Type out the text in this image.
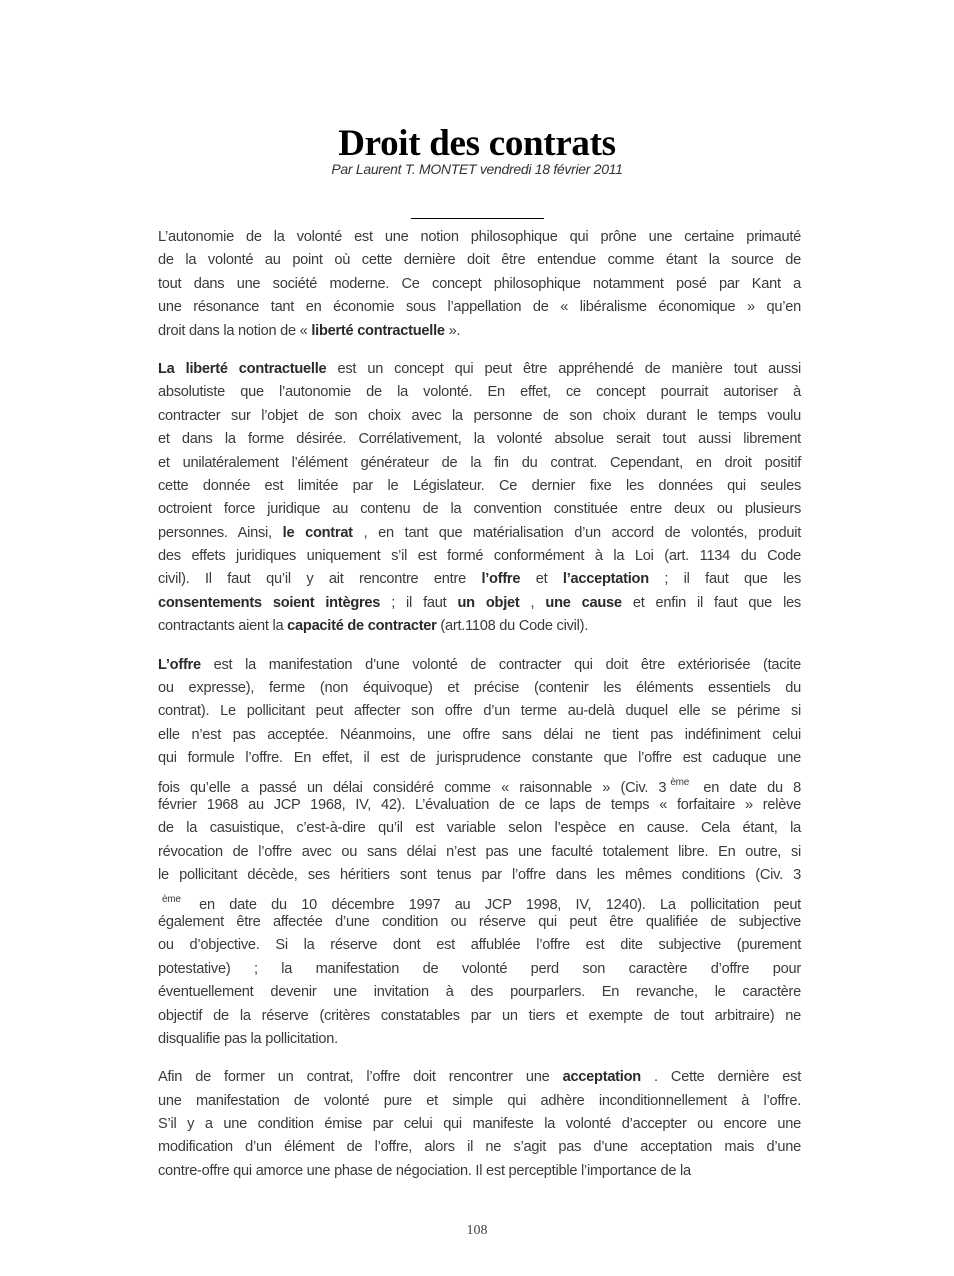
Droit des contrats
Par Laurent T. MONTET vendredi 18 février 2011
L’autonomie de la volonté est une notion philosophique qui prône une certaine primauté
de la volonté au point où cette dernière doit être entendue comme étant la source de
tout dans une société moderne. Ce concept philosophique notamment posé par Kant a
une résonance tant en économie sous l’appellation de « libéralisme économique » qu’en
droit dans la notion de « liberté contractuelle ».
La liberté contractuelle est un concept qui peut être appréhendé de manière tout aussi
absolutiste que l’autonomie de la volonté. En effet, ce concept pourrait autoriser à
contracter sur l’objet de son choix avec la personne de son choix durant le temps voulu
et dans la forme désirée. Corrélativement, la volonté absolue serait tout aussi librement
et unilatéralement l’élément générateur de la fin du contrat. Cependant, en droit positif
cette donnée est limitée par le Législateur. Ce dernier fixe les données qui seules
octroient force juridique au contenu de la convention constituée entre deux ou plusieurs
personnes. Ainsi, le contrat , en tant que matérialisation d’un accord de volontés, produit
des effets juridiques uniquement s’il est formé conformément à la Loi (art. 1134 du Code
civil). Il faut qu’il y ait rencontre entre l’offre et l’acceptation ; il faut que les
consentements soient intègres ; il faut un objet , une cause et enfin il faut que les
contractants aient la capacité de contracter (art.1108 du Code civil).
L’offre est la manifestation d’une volonté de contracter qui doit être extériorisée (tacite
ou expresse), ferme (non équivoque) et précise (contenir les éléments essentiels du
contrat). Le pollicitant peut affecter son offre d’un terme au-delà duquel elle se périme si
elle n’est pas acceptée. Néanmoins, une offre sans délai ne tient pas indéfiniment celui
qui formule l’offre. En effet, il est de jurisprudence constante que l’offre est caduque une
fois qu’elle a passé un délai considéré comme « raisonnable » (Civ. 3 $^{ème}$ en date du 8
février 1968 au JCP 1968, IV, 42). L’évaluation de ce laps de temps « forfaitaire » relève
de la casuistique, c’est-à-dire qu’il est variable selon l’espèce en cause. Cela étant, la
révocation de l’offre avec ou sans délai n’est pas une faculté totalement libre. En outre, si
le pollicitant décède, ses héritiers sont tenus par l’offre dans les mêmes conditions (Civ. 3
$^{ème}$ en date du 10 décembre 1997 au JCP 1998, IV, 1240). La pollicitation peut
également être affectée d’une condition ou réserve qui peut être qualifiée de subjective
ou d’objective. Si la réserve dont est affublée l’offre est dite subjective (purement
potestative) ; la manifestation de volonté perd son caractère d’offre pour
éventuellement devenir une invitation à des pourparlers. En revanche, le caractère
objectif de la réserve (critères constatables par un tiers et exempte de tout arbitraire) ne
disqualifie pas la pollicitation.
Afin de former un contrat, l’offre doit rencontrer une acceptation . Cette dernière est
une manifestation de volonté pure et simple qui adhère inconditionnellement à l’offre.
S’il y a une condition émise par celui qui manifeste la volonté d’accepter ou encore une
modification d’un élément de l’offre, alors il ne s’agit pas d’une acceptation mais d’une
contre-offre qui amorce une phase de négociation. Il est perceptible l’importance de la
108
